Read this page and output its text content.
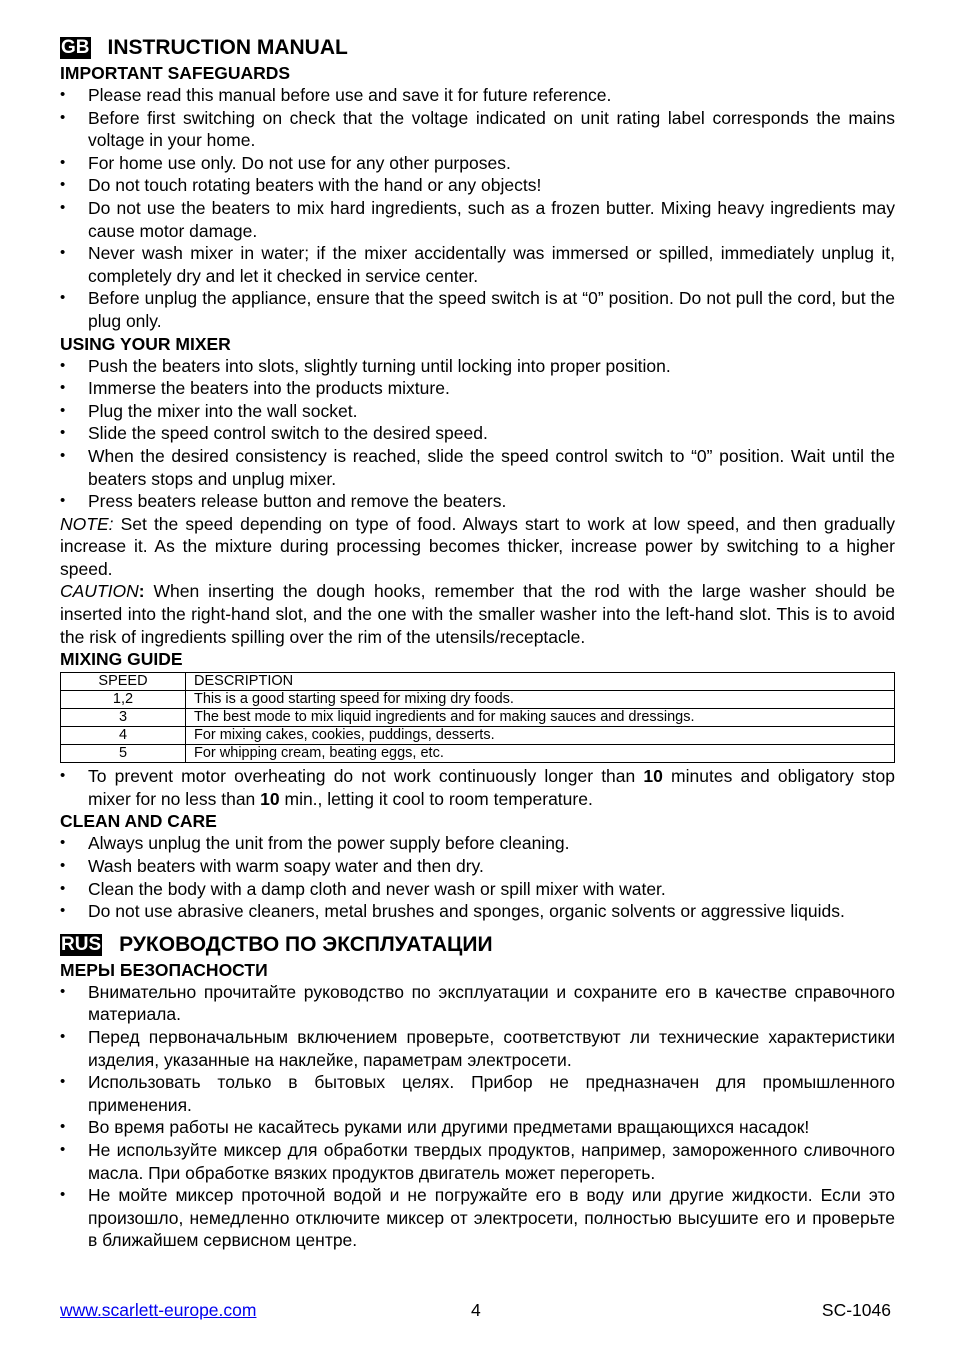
GB INSTRUCTION MANUAL
IMPORTANT SAFEGUARDS
• Please read this manual before use and save it for future reference.
• Before first switching on check that the voltage indicated on unit rating label corresponds the mains voltage in your home.
• For home use only. Do not use for any other purposes.
• Do not touch rotating beaters with the hand or any objects!
• Do not use the beaters to mix hard ingredients, such as a frozen butter. Mixing heavy ingredients may cause motor damage.
• Never wash mixer in water; if the mixer accidentally was immersed or spilled, immediately unplug it, completely dry and let it checked in service center.
• Before unplug the appliance, ensure that the speed switch is at “0” position. Do not pull the cord, but the plug only.
USING YOUR MIXER
• Push the beaters into slots, slightly turning until locking into proper position.
• Immerse the beaters into the products mixture.
• Plug the mixer into the wall socket.
• Slide the speed control switch to the desired speed.
• When the desired consistency is reached, slide the speed control switch to “0” position. Wait until the beaters stops and unplug mixer.
• Press beaters release button and remove the beaters.

NOTE: Set the speed depending on type of food. Always start to work at low speed, and then gradually increase it. As the mixture during processing becomes thicker, increase power by switching to a higher speed.

CAUTION: When inserting the dough hooks, remember that the rod with the large washer should be inserted into the right-hand slot, and the one with the smaller washer into the left-hand slot. This is to avoid the risk of ingredients spilling over the rim of the utensils/receptacle.

MIXING GUIDE
SPEED	DESCRIPTION
1,2	This is a good starting speed for mixing dry foods.
3	The best mode to mix liquid ingredients and for making sauces and dressings.
4	For mixing cakes, cookies, puddings, desserts.
5	For whipping cream, beating eggs, etc.
• To prevent motor overheating do not work continuously longer than 10 minutes and obligatory stop mixer for no less than 10 min., letting it cool to room temperature.
CLEAN AND CARE
• Always unplug the unit from the power supply before cleaning.
• Wash beaters with warm soapy water and then dry.
• Clean the body with a damp cloth and never wash or spill mixer with water.
• Do not use abrasive cleaners, metal brushes and sponges, organic solvents or aggressive liquids.
RUS РУКОВОДСТВО ПО ЭКСПЛУАТАЦИИ
МЕРЫ БЕЗОПАСНОСТИ
• Внимательно прочитайте руководство по эксплуатации и сохраните его в качестве справочного материала.
• Перед первоначальным включением проверьте, соответствуют ли технические характеристики изделия, указанные на наклейке, параметрам электросети.
• Использовать только в бытовых целях. Прибор не предназначен для промышленного применения.
• Во время работы не касайтесь руками или другими предметами вращающихся насадок!
• Не используйте миксер для обработки твердых продуктов, например, замороженного сливочного масла. При обработке вязких продуктов двигатель может перегореть.
• Не мойте миксер проточной водой и не погружайте его в воду или другие жидкости. Если это произошло, немедленно отключите миксер от электросети, полностью высушите его и проверьте в ближайшем сервисном центре.
www.scarlett-europe.com	4	SC-1046
